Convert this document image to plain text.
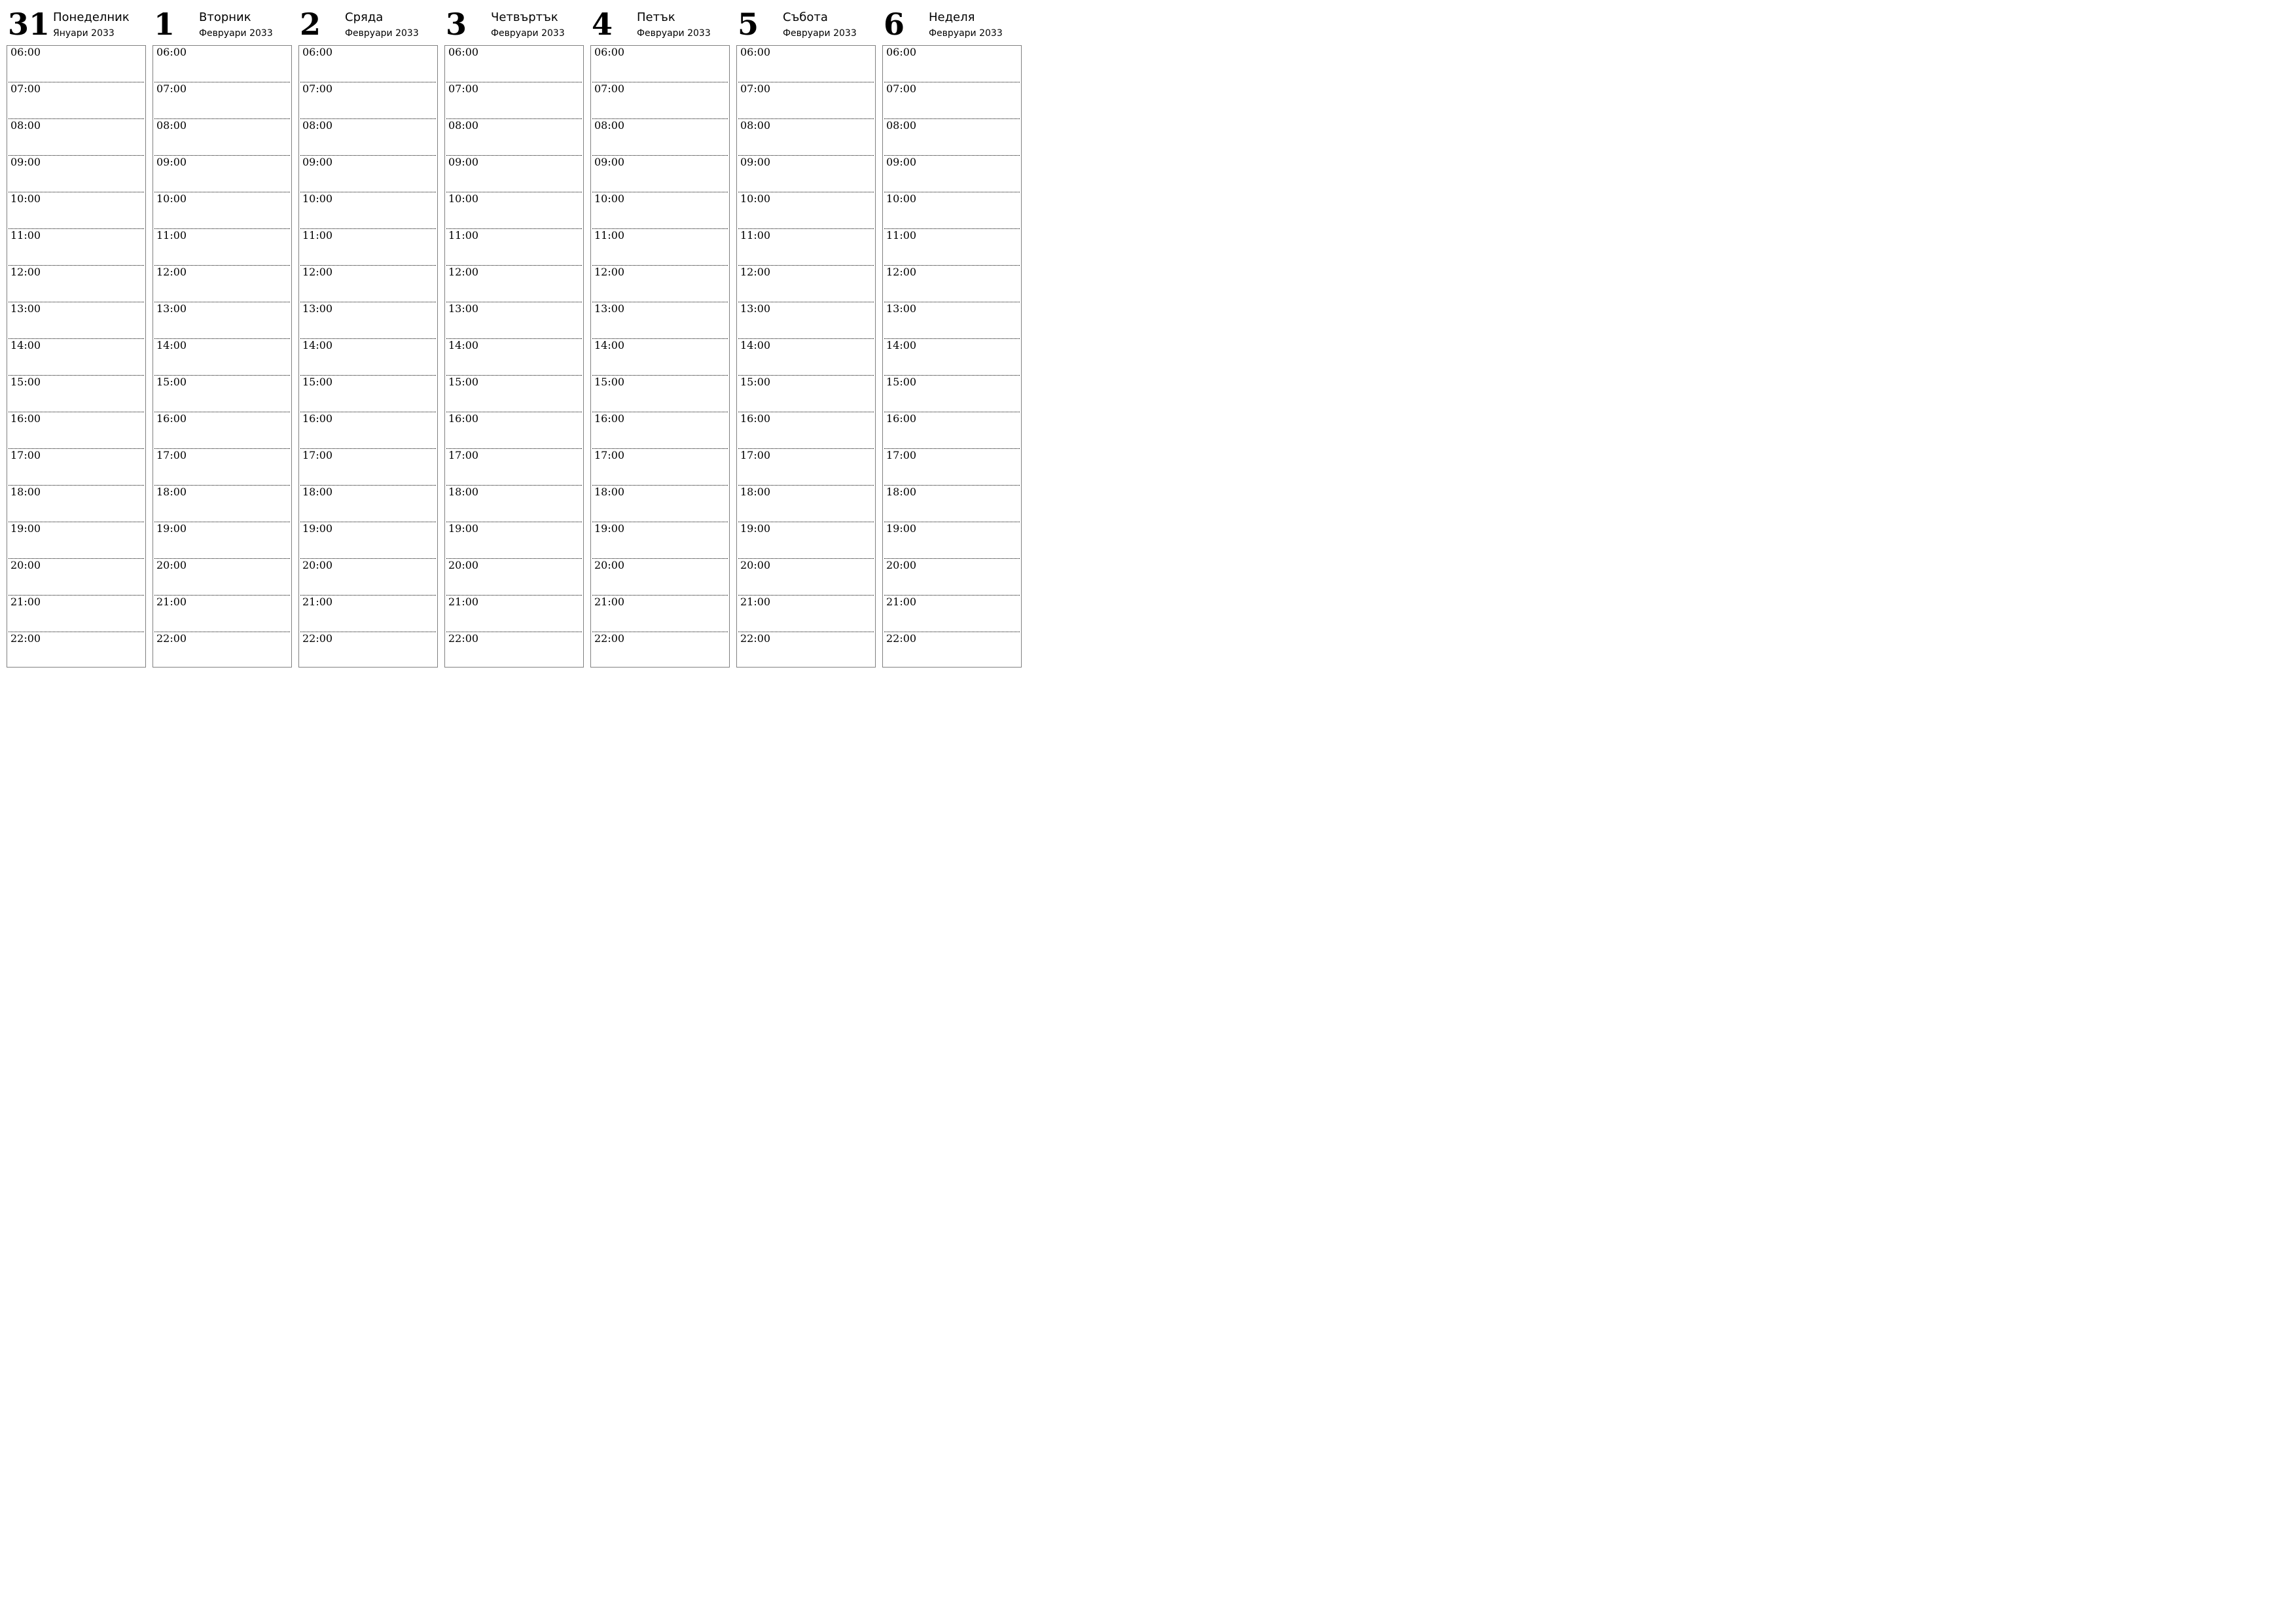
31 Понеделник
Януари 2033
06:00
07:00
08:00
09:00
10:00
11:00
12:00
13:00
14:00
15:00
16:00
17:00
18:00
19:00
20:00
21:00
22:00
1 Вторник
Февруари 2033
06:00
07:00
08:00
09:00
10:00
11:00
12:00
13:00
14:00
15:00
16:00
17:00
18:00
19:00
20:00
21:00
22:00
2 Сряда
Февруари 2033
06:00
07:00
08:00
09:00
10:00
11:00
12:00
13:00
14:00
15:00
16:00
17:00
18:00
19:00
20:00
21:00
22:00
3 Четвъртък
Февруари 2033
06:00
07:00
08:00
09:00
10:00
11:00
12:00
13:00
14:00
15:00
16:00
17:00
18:00
19:00
20:00
21:00
22:00
4 Петък
Февруари 2033
06:00
07:00
08:00
09:00
10:00
11:00
12:00
13:00
14:00
15:00
16:00
17:00
18:00
19:00
20:00
21:00
22:00
5 Събота
Февруари 2033
06:00
07:00
08:00
09:00
10:00
11:00
12:00
13:00
14:00
15:00
16:00
17:00
18:00
19:00
20:00
21:00
22:00
6 Неделя
Февруари 2033
06:00
07:00
08:00
09:00
10:00
11:00
12:00
13:00
14:00
15:00
16:00
17:00
18:00
19:00
20:00
21:00
22:00
